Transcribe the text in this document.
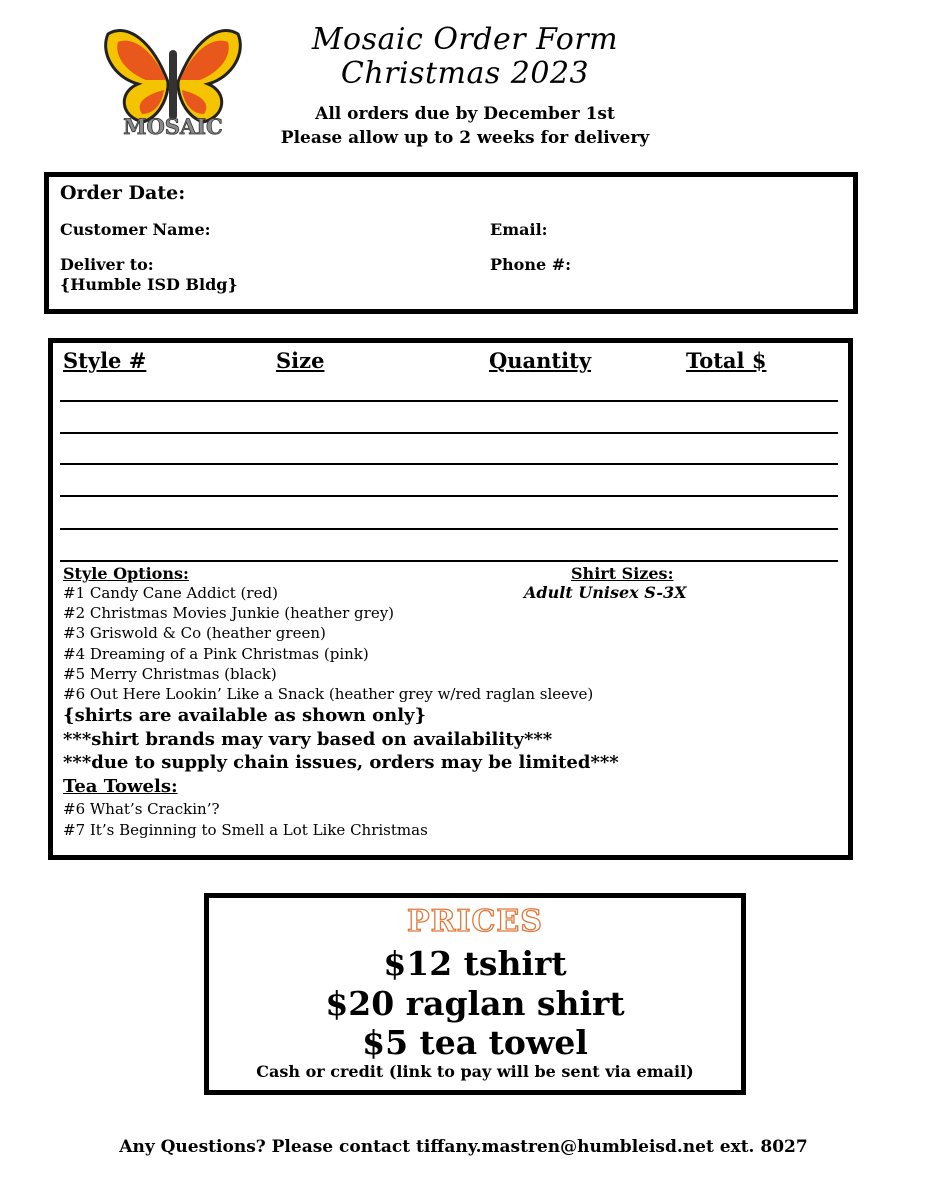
MOSAIC
Mosaic Order Form
Christmas 2023
All orders due by December 1st
Please allow up to 2 weeks for delivery
Order Date:
Customer Name:	Email:
Deliver to:
{Humble ISD Bldg}
Phone #:
Style #	Size	Quantity	Total $
Style Options:	Shirt Sizes:
Adult Unisex S-3X
#1 Candy Cane Addict (red)
#2 Christmas Movies Junkie (heather grey)
#3 Griswold & Co (heather green)
#4 Dreaming of a Pink Christmas (pink)
#5 Merry Christmas (black)
#6 Out Here Lookin’ Like a Snack (heather grey w/red raglan sleeve)
{shirts are available as shown only}
***shirt brands may vary based on availability***
***due to supply chain issues, orders may be limited***
Tea Towels:
#6 What’s Crackin’?
#7 It’s Beginning to Smell a Lot Like Christmas
PRICES
$12 tshirt
$20 raglan shirt
$5 tea towel
Cash or credit (link to pay will be sent via email)
Any Questions? Please contact tiffany.mastren@humbleisd.net ext. 8027
